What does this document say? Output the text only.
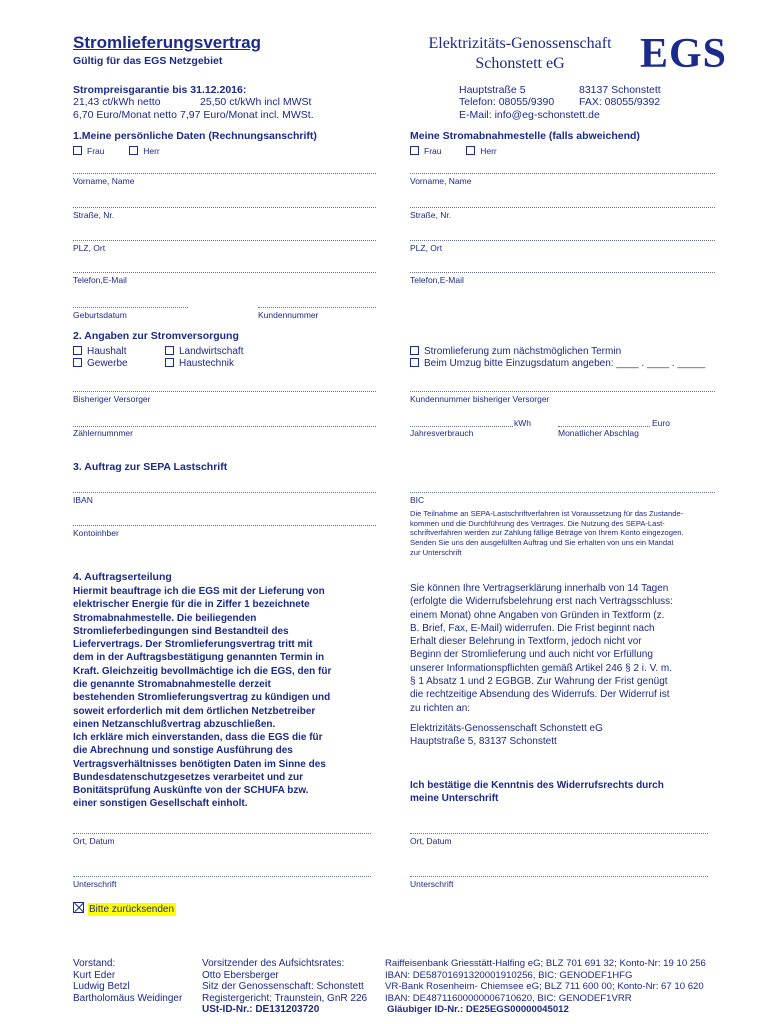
Stromlieferungsvertrag
Gültig für das EGS Netzgebiet
Elektrizitäts-Genossenschaft
Schonstett eG	EGS
Strompreisgarantie bis 31.12.2016:
21,43 ct/kWh netto	25,50 ct/kWh incl MWSt
6,70 Euro/Monat netto 7,97 Euro/Monat incl. MWSt.
Hauptstraße 5	83137 Schonstett
Telefon: 08055/9390 FAX: 08055/9392
E-Mail: info@eg-schonstett.de
1.Meine persönliche Daten (Rechnungsanschrift)	Meine Stromabnahmestelle (falls abweichend)
Frau	Herr	Frau	Herr
Vorname, Name	Vorname, Name
Straße, Nr.	Straße, Nr.
PLZ, Ort	PLZ, Ort
Telefon,E-Mail	Telefon,E-Mail
Geburtsdatum	Kundennummer
2. Angaben zur Stromversorgung
Haushalt	Landwirtschaft
Gewerbe	Haustechnik
Stromlieferung zum nächstmöglichen Termin
Beim Umzug bitte Einzugsdatum angeben: ____ . ____ . _____
Bisheriger Versorger	Kundennummer bisheriger Versorger
Zählernumnmer
kWh	Euro
Jahresverbrauch	Monatlicher Abschlag
3. Auftrag zur SEPA Lastschrift
IBAN	BIC
Kontoinhber
Die Teilnahme an SEPA-Lastschriftverfahren ist Voraussetzung für das Zustande-
kommen und die Durchführung des Vertrages. Die Nutzung des SEPA-Last-
schriftverfahren werden zur Zahlung fällige Beträge von Ihrem Konto eingezogen.
Senden Sie uns den ausgefüllten Auftrag und Sie erhalten von uns ein Mandat
zur Unterschrift
4. Auftragserteilung
Hiermit beauftrage ich die EGS mit der Lieferung von
elektrischer Energie für die in Ziffer 1 bezeichnete
Stromabnahmestelle. Die beiliegenden
Stromlieferbedingungen sind Bestandteil des
Liefervertrags. Der Stromlieferungsvertrag tritt mit
dem in der Auftragsbestätigung genannten Termin in
Kraft. Gleichzeitig bevollmächtige ich die EGS, den für
die genannte Stromabnahmestelle derzeit
bestehenden Stromlieferungsvertrag zu kündigen und
soweit erforderlich mit dem örtlichen Netzbetreiber
einen Netzanschlußvertrag abzuschließen.
Ich erkläre mich einverstanden, dass die EGS die für
die Abrechnung und sonstige Ausführung des
Vertragsverhältnisses benötigten Daten im Sinne des
Bundesdatenschutzgesetzes verarbeitet und zur
Bonitätsprüfung Auskünfte von der SCHUFA bzw.
einer sonstigen Gesellschaft einholt.
Sie können Ihre Vertragserklärung innerhalb von 14 Tagen
(erfolgte die Widerrufsbelehrung erst nach Vertragsschluss:
einem Monat) ohne Angaben von Gründen in Textform (z.
B. Brief, Fax, E-Mail) widerrufen. Die Frist beginnt nach
Erhalt dieser Belehrung in Textform, jedoch nicht vor
Beginn der Stromlieferung und auch nicht vor Erfüllung
unserer Informationspflichten gemäß Artikel 246 § 2 i. V. m.
§ 1 Absatz 1 und 2 EGBGB. Zur Wahrung der Frist genügt
die rechtzeitige Absendung des Widerrufs. Der Widerruf ist
zu richten an:
Elektrizitäts-Genossenschaft Schonstett eG
Hauptstraße 5, 83137 Schonstett
Ich bestätige die Kenntnis des Widerrufsrechts durch
meine Unterschrift
Ort, Datum	Ort, Datum
Unterschrift	Unterschrift
Bitte zurücksenden
Vorstand:
Kurt Eder
Ludwig Betzl
Bartholomäus Weidinger
Vorsitzender des Aufsichtsrates:
Otto Ebersberger
Sitz der Genossenschaft: Schonstett
Registergericht: Traunstein, GnR 226
USt-ID-Nr.: DE131203720
Raiffeisenbank Griesstätt-Halfing eG; BLZ 701 691 32; Konto-Nr: 19 10 256
IBAN: DE58701691320001910256, BIC: GENODEF1HFG
VR-Bank Rosenheim- Chiemsee eG; BLZ 711 600 00; Konto-Nr: 67 10 620
IBAN: DE48711600000006710620, BIC: GENODEF1VRR
Gläubiger ID-Nr.: DE25EGS00000045012
